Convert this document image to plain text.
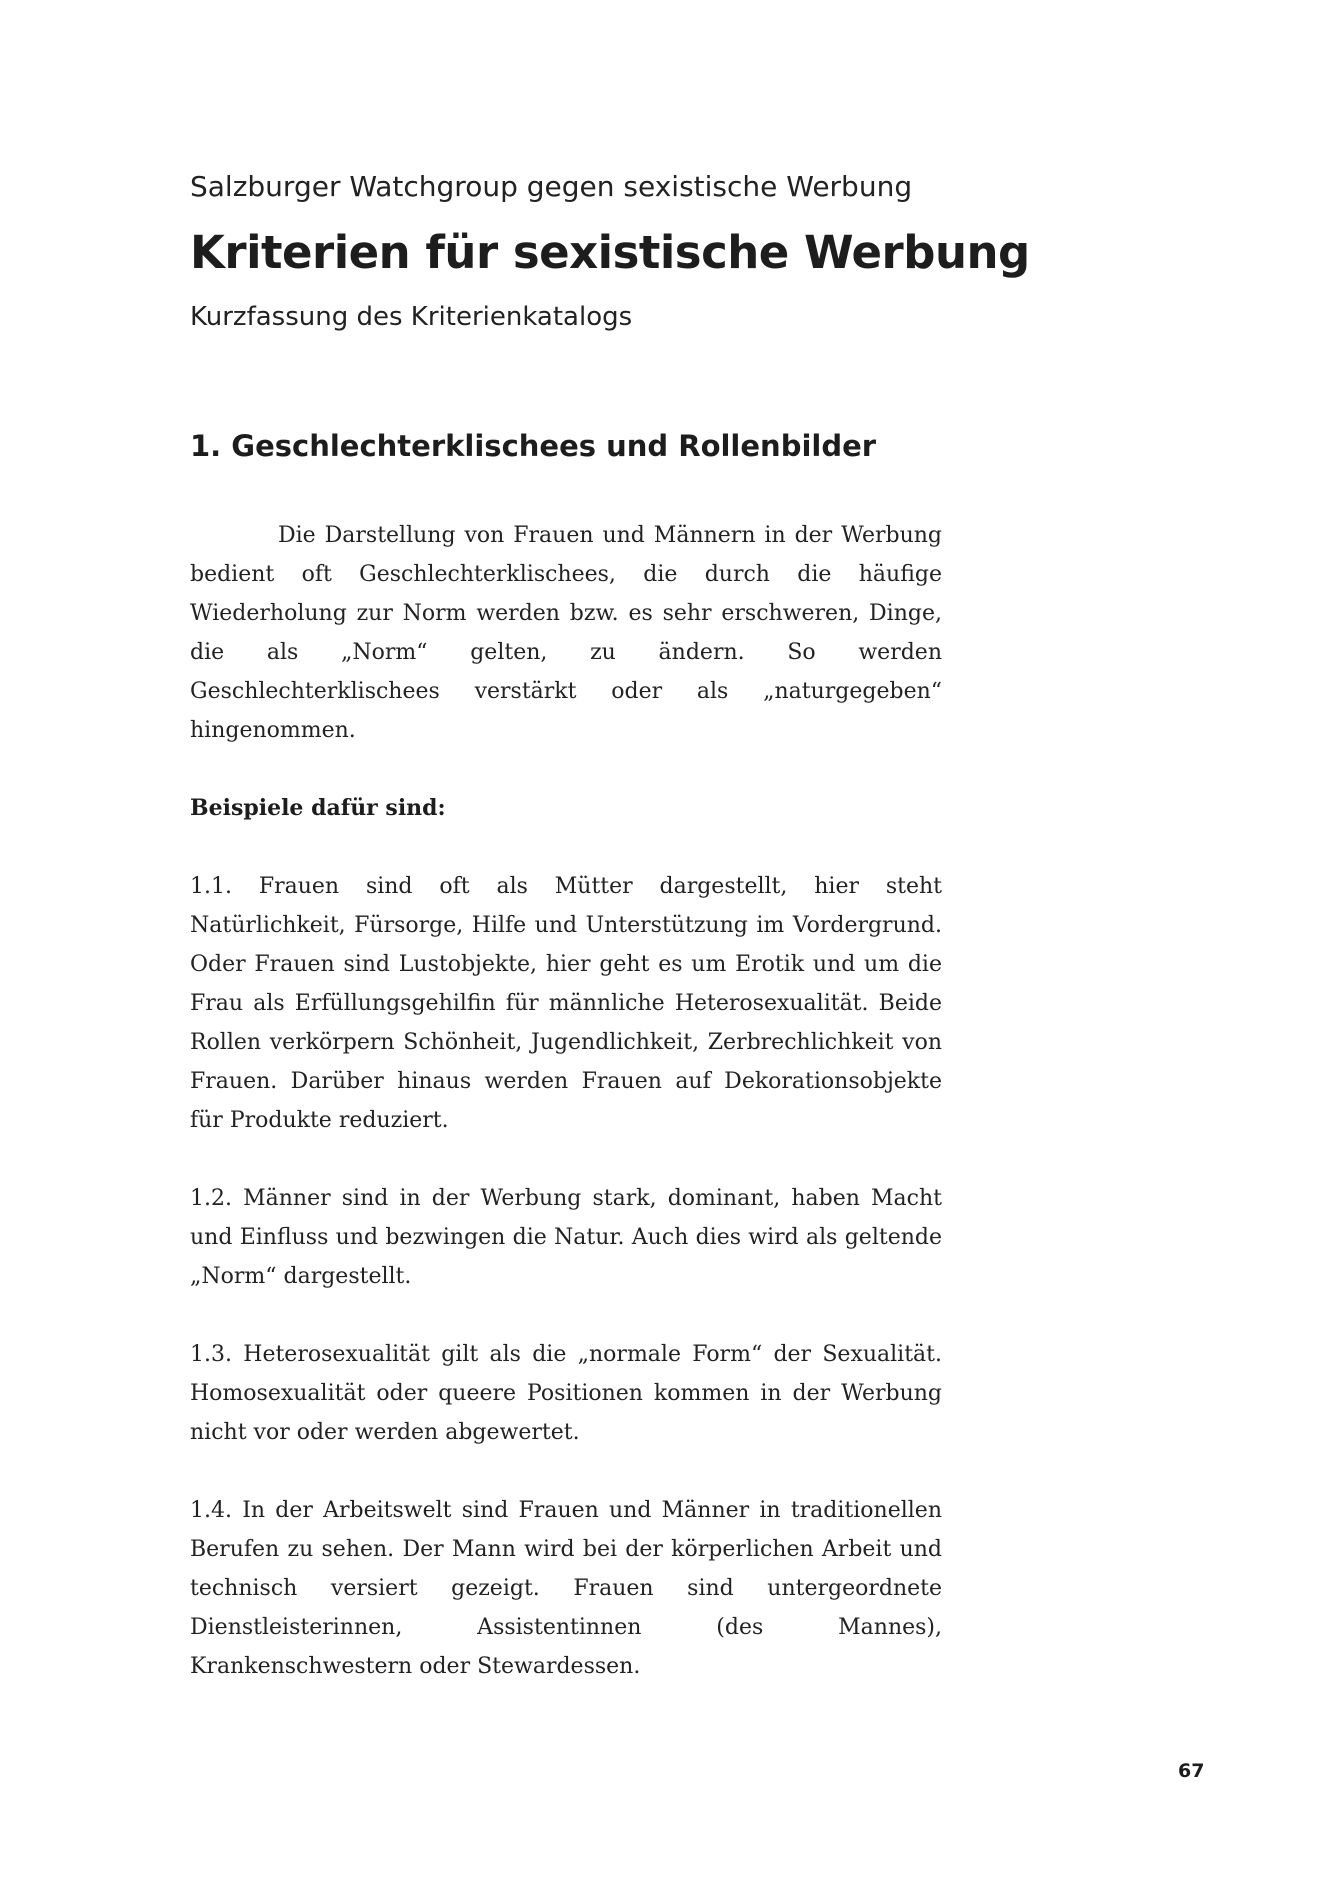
Salzburger Watchgroup gegen sexistische Werbung

Kriterien für sexistische Werbung

Kurzfassung des Kriterienkatalogs

1. Geschlechterklischees und Rollenbilder

Die Darstellung von Frauen und Männern in der Werbung bedient oft Geschlechterklischees, die durch die häufige Wiederholung zur Norm werden bzw. es sehr erschweren, Dinge, die als „Norm“ gelten, zu ändern. So werden Geschlechterklischees verstärkt oder als „naturgegeben“ hingenommen.

Beispiele dafür sind:

1.1. Frauen sind oft als Mütter dargestellt, hier steht Natürlichkeit, Fürsorge, Hilfe und Unterstützung im Vordergrund. Oder Frauen sind Lustobjekte, hier geht es um Erotik und um die Frau als Erfüllungsgehilfin für männliche Heterosexualität. Beide Rollen verkörpern Schönheit, Jugendlichkeit, Zerbrechlichkeit von Frauen. Darüber hinaus werden Frauen auf Dekorationsobjekte für Produkte reduziert.

1.2. Männer sind in der Werbung stark, dominant, haben Macht und Einfluss und bezwingen die Natur. Auch dies wird als geltende „Norm“ dargestellt.

1.3. Heterosexualität gilt als die „normale Form“ der Sexualität. Homosexualität oder queere Positionen kommen in der Werbung nicht vor oder werden abgewertet.

1.4. In der Arbeitswelt sind Frauen und Männer in traditionellen Berufen zu sehen. Der Mann wird bei der körperlichen Arbeit und technisch versiert gezeigt. Frauen sind untergeordnete Dienstleisterinnen, Assistentinnen (des Mannes), Krankenschwestern oder Stewardessen.

67
